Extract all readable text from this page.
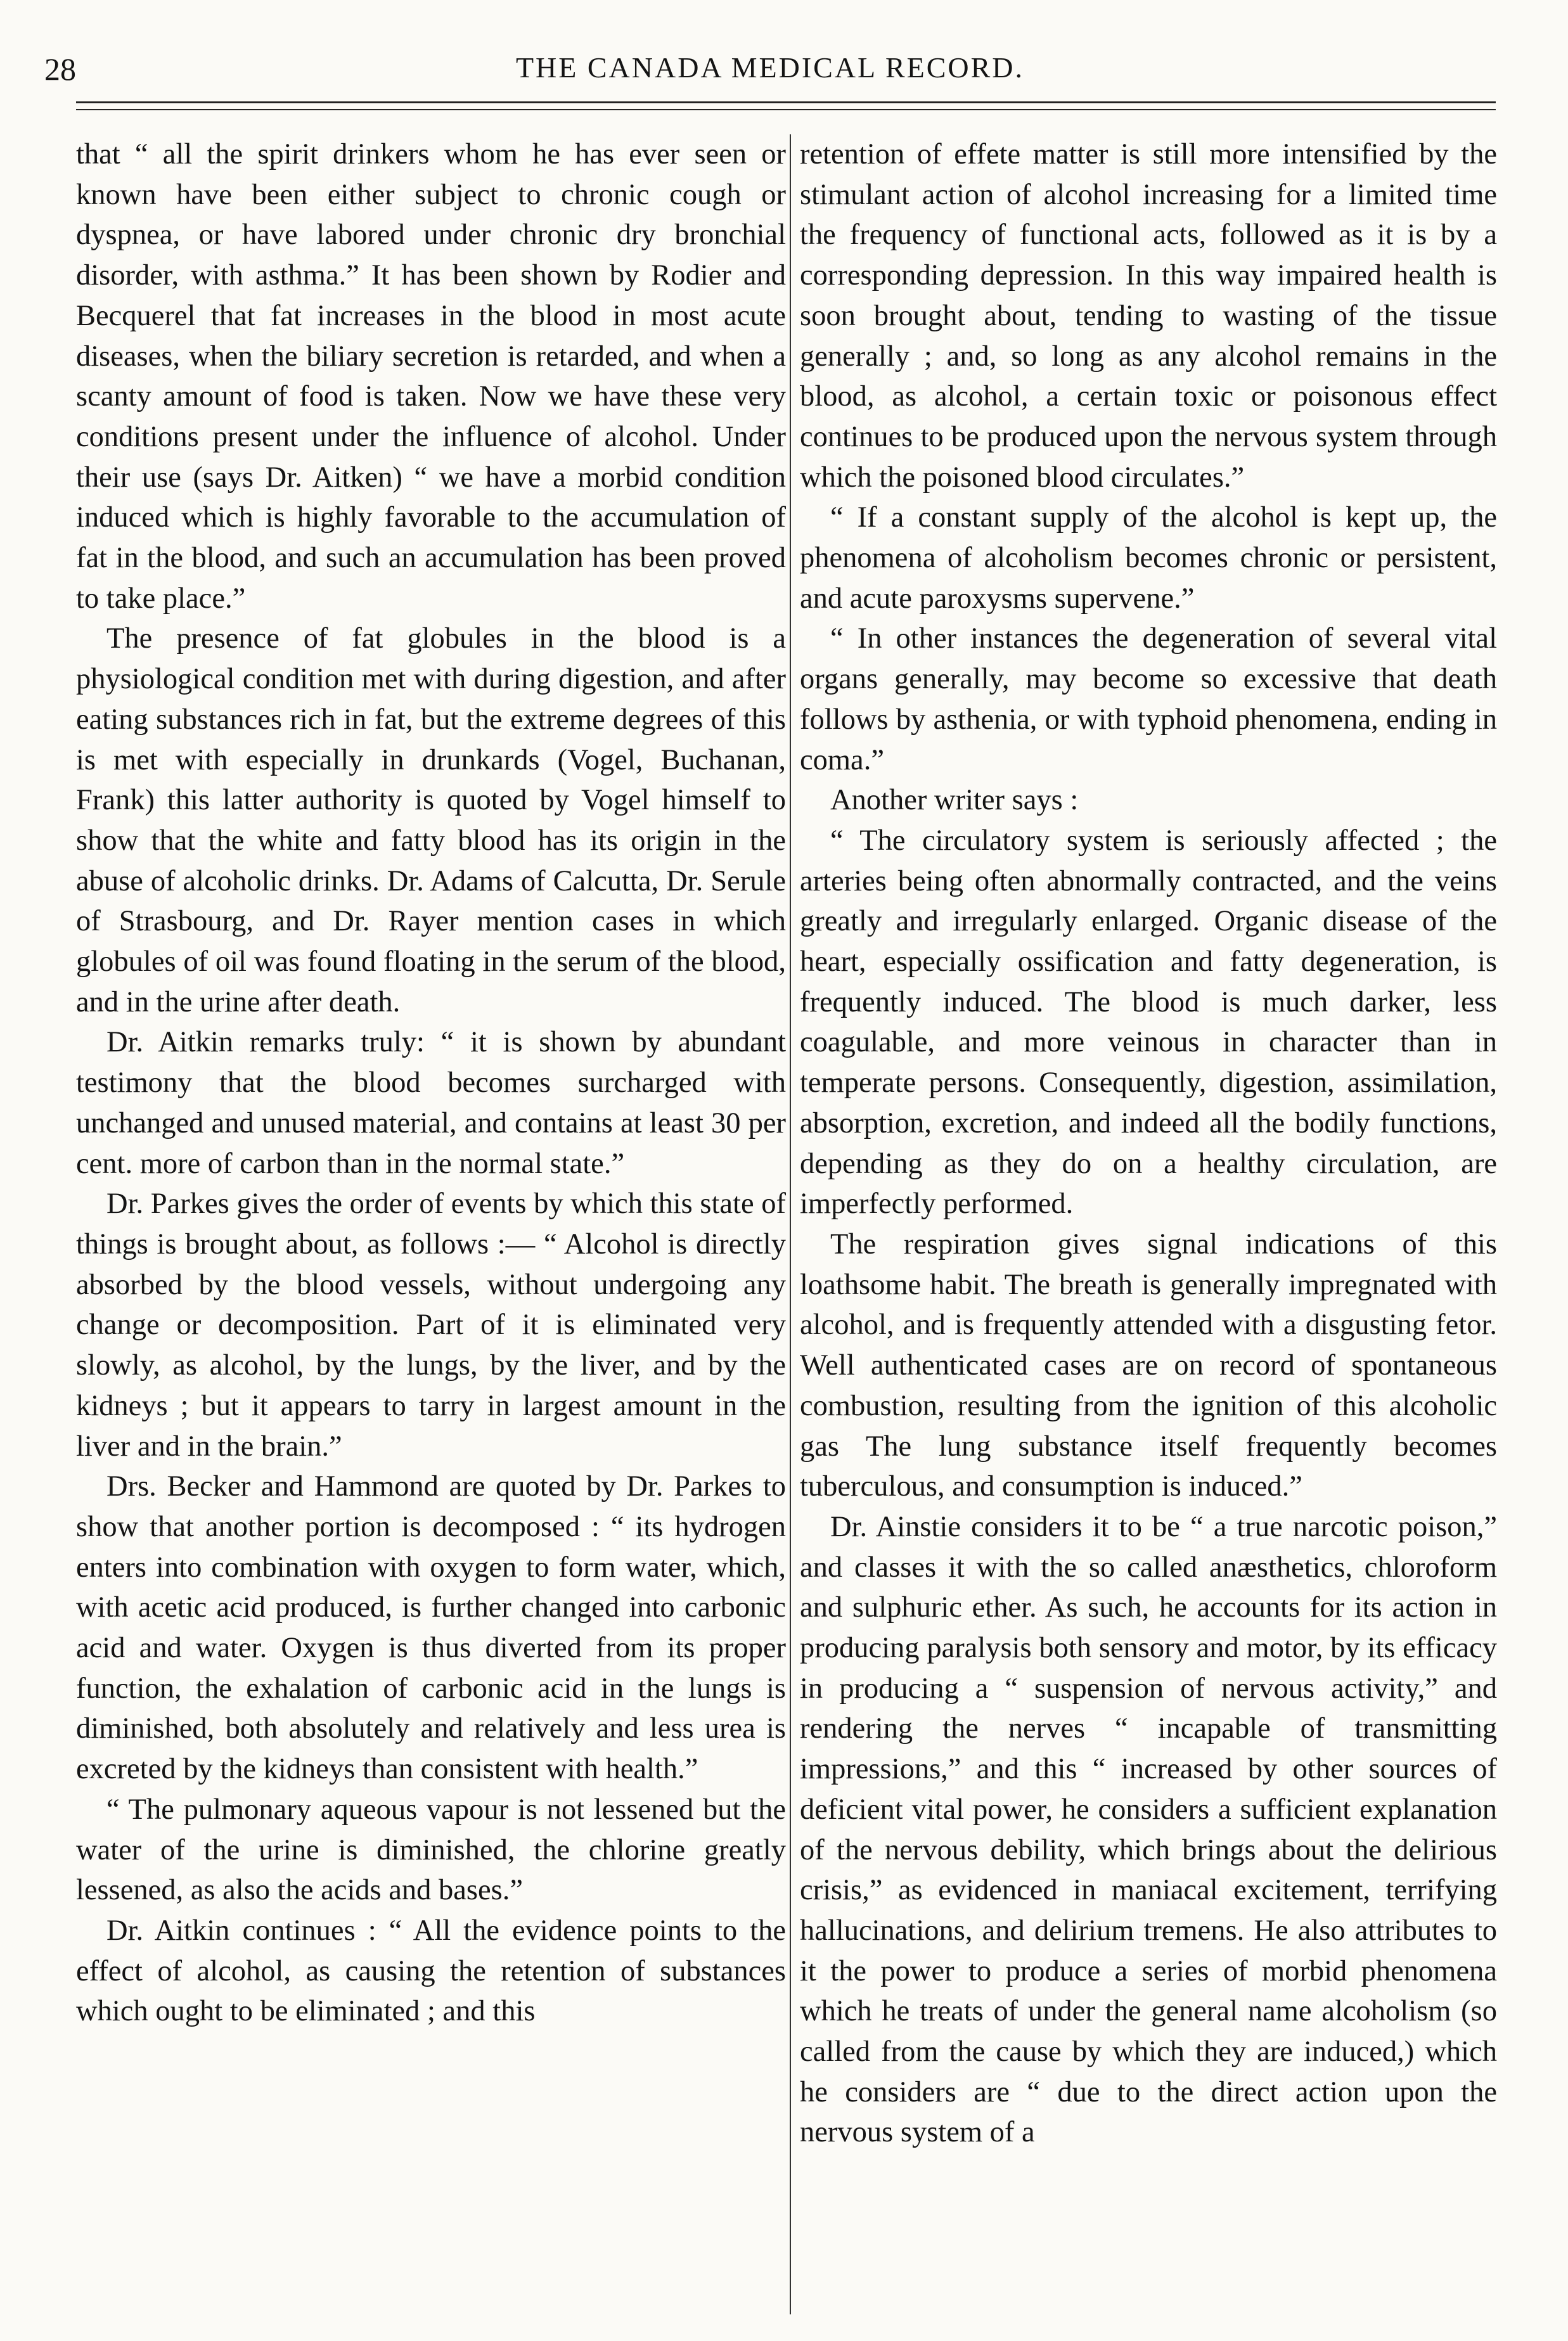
28	THE CANADA MEDICAL RECORD.

that “ all the spirit drinkers whom he has ever seen or known have been either subject to chronic cough or dyspnea, or have labored under chronic dry bronchial disorder, with asthma.” It has been shown by Rodier and Becquerel that fat increases in the blood in most acute diseases, when the biliary secretion is retarded, and when a scanty amount of food is taken. Now we have these very conditions present under the influence of alcohol. Under their use (says Dr. Aitken) “ we have a morbid condition induced which is highly favorable to the accumulation of fat in the blood, and such an accumulation has been proved to take place.”

The presence of fat globules in the blood is a physiological condition met with during digestion, and after eating substances rich in fat, but the extreme degrees of this is met with especially in drunkards (Vogel, Buchanan, Frank) this latter authority is quoted by Vogel himself to show that the white and fatty blood has its origin in the abuse of alcoholic drinks. Dr. Adams of Calcutta, Dr. Serule of Strasbourg, and Dr. Rayer mention cases in which globules of oil was found floating in the serum of the blood, and in the urine after death.

Dr. Aitkin remarks truly: “ it is shown by abundant testimony that the blood becomes surcharged with unchanged and unused material, and contains at least 30 per cent. more of carbon than in the normal state.”

Dr. Parkes gives the order of events by which this state of things is brought about, as follows :— “ Alcohol is directly absorbed by the blood vessels, without undergoing any change or decomposition. Part of it is eliminated very slowly, as alcohol, by the lungs, by the liver, and by the kidneys ; but it appears to tarry in largest amount in the liver and in the brain.”

Drs. Becker and Hammond are quoted by Dr. Parkes to show that another portion is decomposed : “ its hydrogen enters into combination with oxygen to form water, which, with acetic acid produced, is further changed into carbonic acid and water. Oxygen is thus diverted from its proper function, the exhalation of carbonic acid in the lungs is diminished, both absolutely and relatively and less urea is excreted by the kidneys than consistent with health.”

“ The pulmonary aqueous vapour is not lessened but the water of the urine is diminished, the chlorine greatly lessened, as also the acids and bases.”

Dr. Aitkin continues : “ All the evidence points to the effect of alcohol, as causing the retention of substances which ought to be eliminated ; and this

retention of effete matter is still more intensified by the stimulant action of alcohol increasing for a limited time the frequency of functional acts, followed as it is by a corresponding depression. In this way impaired health is soon brought about, tending to wasting of the tissue generally ; and, so long as any alcohol remains in the blood, as alcohol, a certain toxic or poisonous effect continues to be produced upon the nervous system through which the poisoned blood circulates.”

“ If a constant supply of the alcohol is kept up, the phenomena of alcoholism becomes chronic or persistent, and acute paroxysms supervene.”

“ In other instances the degeneration of several vital organs generally, may become so excessive that death follows by asthenia, or with typhoid phenomena, ending in coma.”

Another writer says :

“ The circulatory system is seriously affected ; the arteries being often abnormally contracted, and the veins greatly and irregularly enlarged. Organic disease of the heart, especially ossification and fatty degeneration, is frequently induced. The blood is much darker, less coagulable, and more veinous in character than in temperate persons. Consequently, digestion, assimilation, absorption, excretion, and indeed all the bodily functions, depending as they do on a healthy circulation, are imperfectly performed.

The respiration gives signal indications of this loathsome habit. The breath is generally impregnated with alcohol, and is frequently attended with a disgusting fetor. Well authenticated cases are on record of spontaneous combustion, resulting from the ignition of this alcoholic gas The lung substance itself frequently becomes tuberculous, and consumption is induced.”

Dr. Ainstie considers it to be “ a true narcotic poison,” and classes it with the so called anæsthetics, chloroform and sulphuric ether. As such, he accounts for its action in producing paralysis both sensory and motor, by its efficacy in producing a “ suspension of nervous activity,” and rendering the nerves “ incapable of transmitting impressions,” and this “ increased by other sources of deficient vital power, he considers a sufficient explanation of the nervous debility, which brings about the delirious crisis,” as evidenced in maniacal excitement, terrifying hallucinations, and delirium tremens. He also attributes to it the power to produce a series of morbid phenomena which he treats of under the general name alcoholism (so called from the cause by which they are induced,) which he considers are “ due to the direct action upon the nervous system of a
